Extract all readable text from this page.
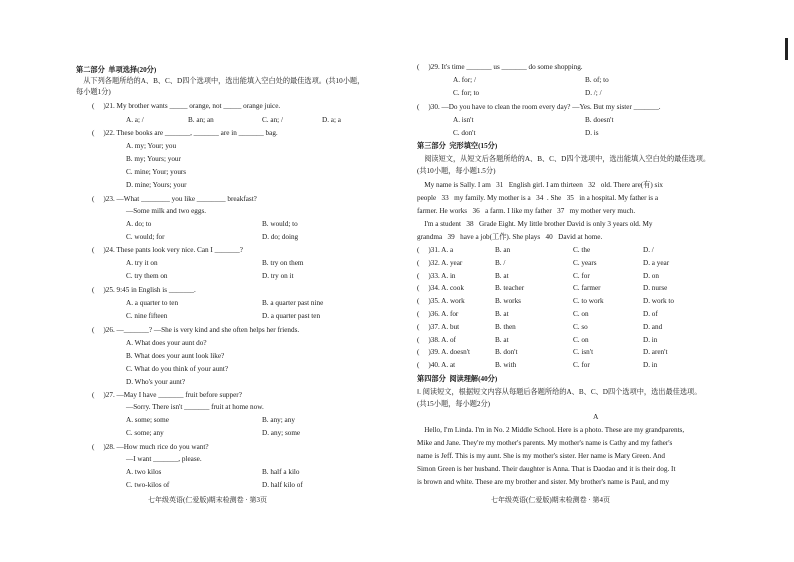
第二部分  单项选择(20分)
从下列各题所给的A、B、C、D四个选项中，选出能填入空白处的最佳选项。(共10小题，
每小题1分)
(     )21. My brother wants _____ orange, not _____ orange juice.
A. a; /	B. an; an	C. an; /	D. a; a
(     )22. These books are _______, _______ are in _______ bag.
A. my; Your; you
B. my; Yours; your
C. mine; Your; yours
D. mine; Yours; your
(     )23. —What ________ you like ________ breakfast?
—Some milk and two eggs.
A. do; to	B. would; to
C. would; for	D. do; doing
(     )24. These pants look very nice. Can I _______?
A. try it on	B. try on them
C. try them on	D. try on it
(     )25. 9:45 in English is _______.
A. a quarter to ten	B. a quarter past nine
C. nine fifteen	D. a quarter past ten
(     )26. —_______? —She is very kind and she often helps her friends.
A. What does your aunt do?
B. What does your aunt look like?
C. What do you think of your aunt?
D. Who's your aunt?
(     )27. —May I have _______ fruit before supper?
—Sorry. There isn't _______ fruit at home now.
A. some; some	B. any; any
C. some; any	D. any; some
(     )28. —How much rice do you want?
—I want _______, please.
A. two kilos	B. half a kilo
C. two-kilos of	D. half kilo of
七年级英语(仁爱版)期末检测卷 · 第3页
(     )29. It's time _______ us _______ do some shopping.
A. for; /	B. of; to
C. for; to	D. /; /
(     )30. —Do you have to clean the room every day? —Yes. But my sister _______.
A. isn't	B. doesn't
C. don't	D. is
第三部分  完形填空(15分)
阅读短文，从短文后各题所给的A、B、C、D四个选项中，选出能填入空白处的最佳选项。
(共10小题，每小题1.5分)
My name is Sally. I am   31   English girl. I am thirteen   32   old. There are(有) six
people   33   my family. My mother is a   34  . She   35   in a hospital. My father is a
farmer. He works   36   a farm. I like my father   37   my mother very much.
I'm a student   38   Grade Eight. My little brother David is only 3 years old. My
grandma   39   have a job(工作). She plays   40   David at home.
第四部分  阅读理解(40分)
Ⅰ. 阅读短文，根据短文内容从每题后各题所给的A、B、C、D四个选项中，选出最佳选项。
(共15小题，每小题2分)
A
Hello, I'm Linda. I'm in No. 2 Middle School. Here is a photo. These are my grandparents,
Mike and Jane. They're my mother's parents. My mother's name is Cathy and my father's
name is Jeff. This is my aunt. She is my mother's sister. Her name is Mary Green. And
Simon Green is her husband. Their daughter is Anna. That is Daodao and it is their dog. It
is brown and white. These are my brother and sister. My brother's name is Paul, and my
七年级英语(仁爱版)期末检测卷 · 第4页
(     )31. A. a	B. an	C. the	D. /
(     )32. A. year	B. /	C. years	D. a year
(     )33. A. in	B. at	C. for	D. on
(     )34. A. cook	B. teacher	C. farmer	D. nurse
(     )35. A. work	B. works	C. to work	D. work to
(     )36. A. for	B. at	C. on	D. of
(     )37. A. but	B. then	C. so	D. and
(     )38. A. of	B. at	C. on	D. in
(     )39. A. doesn't	B. don't	C. isn't	D. aren't
(     )40. A. at	B. with	C. for	D. in
